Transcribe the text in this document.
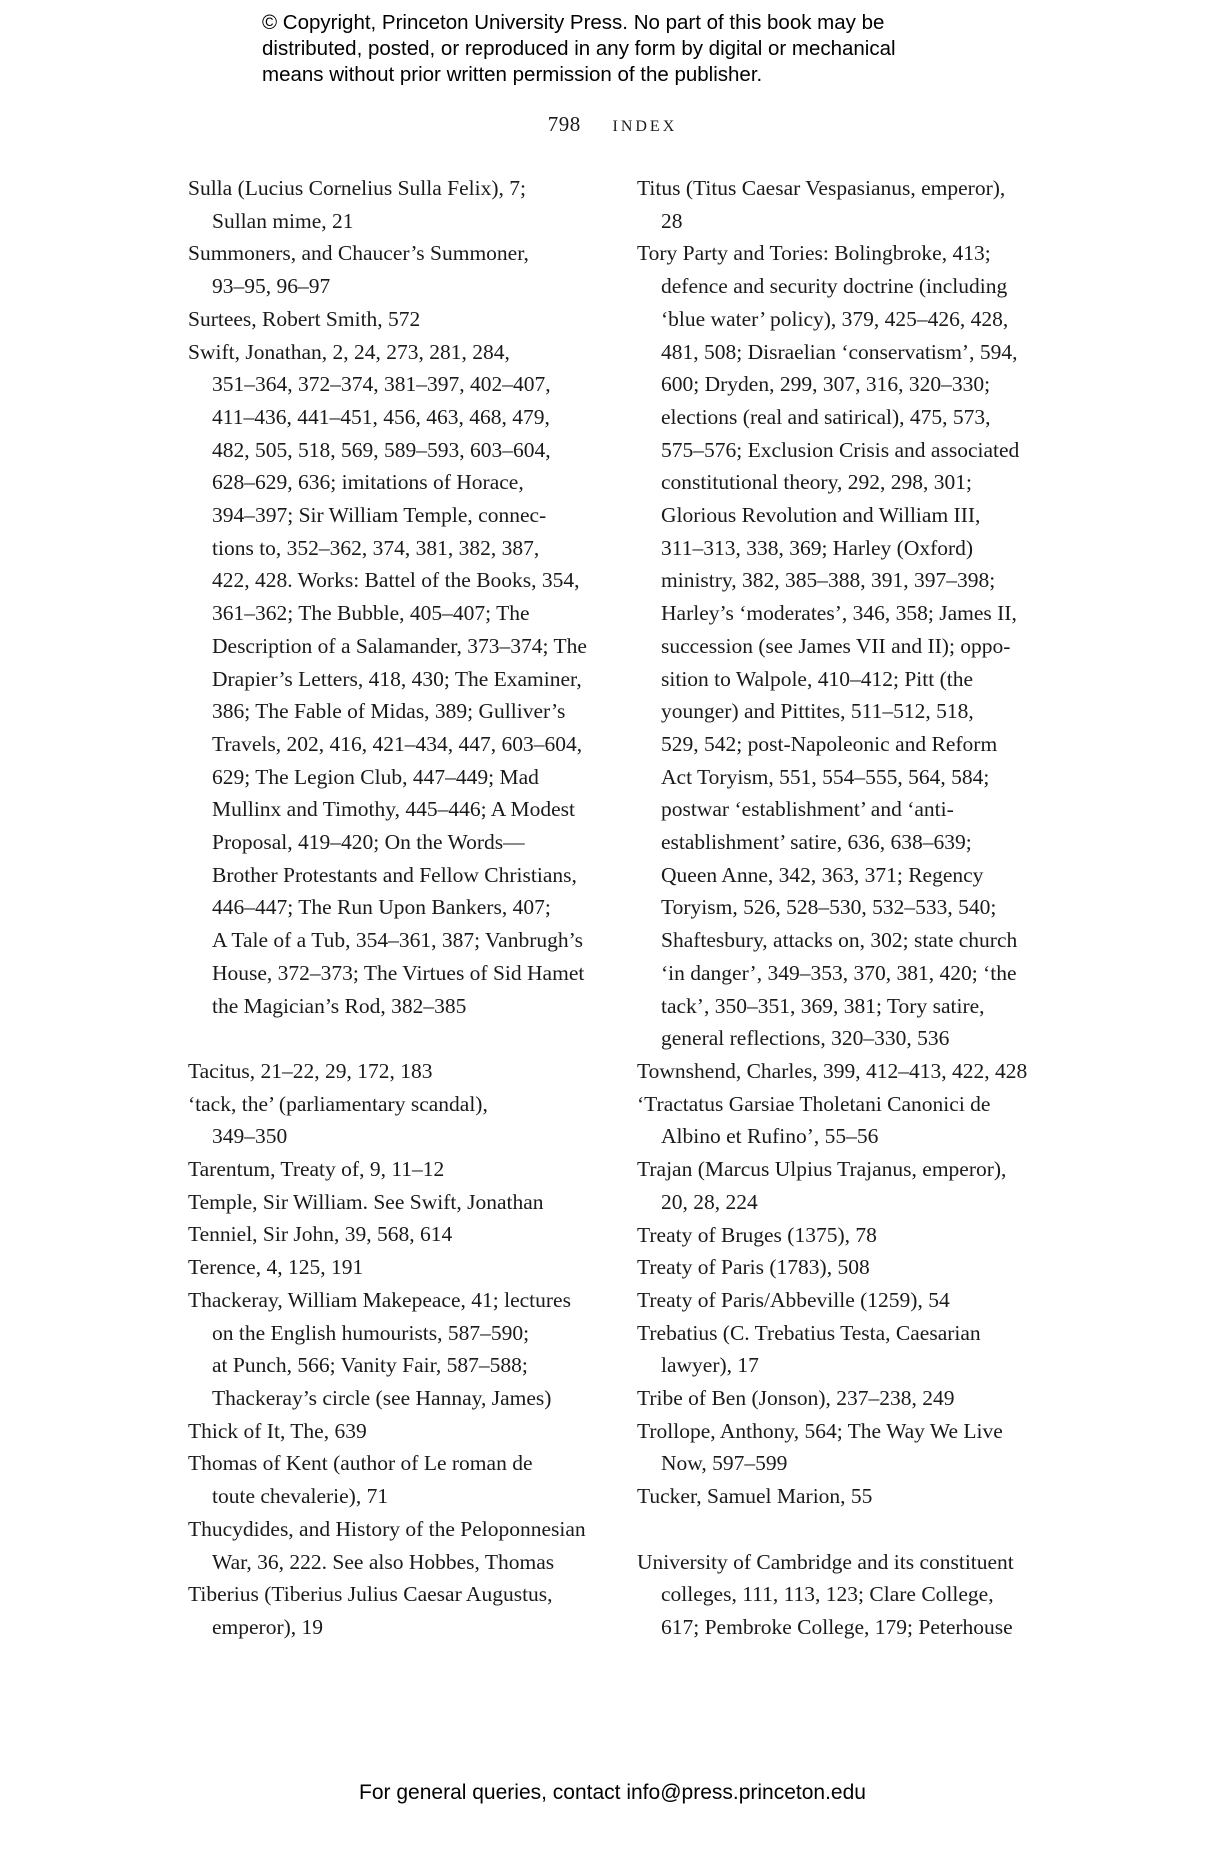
© Copyright, Princeton University Press. No part of this book may be
distributed, posted, or reproduced in any form by digital or mechanical
means without prior written permission of the publisher.
798 index
Sulla (Lucius Cornelius Sulla Felix), 7;
Sullan mime, 21
Summoners, and Chaucer’s Summoner,
93–95, 96–97
Surtees, Robert Smith, 572
Swift, Jonathan, 2, 24, 273, 281, 284,
351–364, 372–374, 381–397, 402–407,
411–436, 441–451, 456, 463, 468, 479,
482, 505, 518, 569, 589–593, 603–604,
628–629, 636; imitations of Horace,
394–397; Sir William Temple, connec-
tions to, 352–362, 374, 381, 382, 387,
422, 428. Works: Battel of the Books, 354,
361–362; The Bubble, 405–407; The
Description of a Salamander, 373–374; The
Drapier’s Letters, 418, 430; The Examiner,
386; The Fable of Midas, 389; Gulliver’s
Travels, 202, 416, 421–434, 447, 603–604,
629; The Legion Club, 447–449; Mad
Mullinx and Timothy, 445–446; A Modest
Proposal, 419–420; On the Words—
Brother Protestants and Fellow Christians,
446–447; The Run Upon Bankers, 407;
A Tale of a Tub, 354–361, 387; Vanbrugh’s
House, 372–373; The Virtues of Sid Hamet
the Magician’s Rod, 382–385
Tacitus, 21–22, 29, 172, 183
‘tack, the’ (parliamentary scandal),
349–350
Tarentum, Treaty of, 9, 11–12
Temple, Sir William. See Swift, Jonathan
Tenniel, Sir John, 39, 568, 614
Terence, 4, 125, 191
Thackeray, William Makepeace, 41; lectures
on the English humourists, 587–590;
at Punch, 566; Vanity Fair, 587–588;
Thackeray’s circle (see Hannay, James)
Thick of It, The, 639
Thomas of Kent (author of Le roman de
toute chevalerie), 71
Thucydides, and History of the Peloponnesian
War, 36, 222. See also Hobbes, Thomas
Tiberius (Tiberius Julius Caesar Augustus,
emperor), 19
Titus (Titus Caesar Vespasianus, emperor),
28
Tory Party and Tories: Bolingbroke, 413;
defence and security doctrine (including
‘blue water’ policy), 379, 425–426, 428,
481, 508; Disraelian ‘conservatism’, 594,
600; Dryden, 299, 307, 316, 320–330;
elections (real and satirical), 475, 573,
575–576; Exclusion Crisis and associated
constitutional theory, 292, 298, 301;
Glorious Revolution and William III,
311–313, 338, 369; Harley (Oxford)
ministry, 382, 385–388, 391, 397–398;
Harley’s ‘moderates’, 346, 358; James II,
succession (see James VII and II); oppo-
sition to Walpole, 410–412; Pitt (the
younger) and Pittites, 511–512, 518,
529, 542; post-Napoleonic and Reform
Act Toryism, 551, 554–555, 564, 584;
postwar ‘establishment’ and ‘anti-
establishment’ satire, 636, 638–639;
Queen Anne, 342, 363, 371; Regency
Toryism, 526, 528–530, 532–533, 540;
Shaftesbury, attacks on, 302; state church
‘in danger’, 349–353, 370, 381, 420; ‘the
tack’, 350–351, 369, 381; Tory satire,
general reflections, 320–330, 536
Townshend, Charles, 399, 412–413, 422, 428
‘Tractatus Garsiae Tholetani Canonici de
Albino et Rufino’, 55–56
Trajan (Marcus Ulpius Trajanus, emperor),
20, 28, 224
Treaty of Bruges (1375), 78
Treaty of Paris (1783), 508
Treaty of Paris/Abbeville (1259), 54
Trebatius (C. Trebatius Testa, Caesarian
lawyer), 17
Tribe of Ben (Jonson), 237–238, 249
Trollope, Anthony, 564; The Way We Live
Now, 597–599
Tucker, Samuel Marion, 55
University of Cambridge and its constituent
colleges, 111, 113, 123; Clare College,
617; Pembroke College, 179; Peterhouse
For general queries, contact info@press.princeton.edu
